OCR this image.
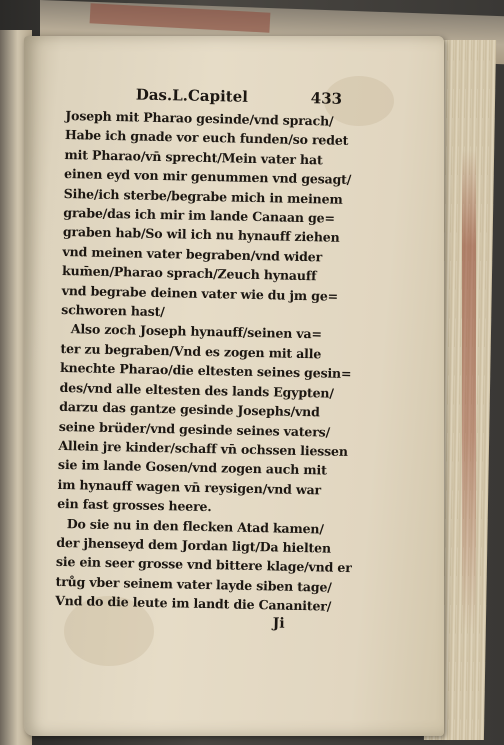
Das.L.Capitel	433
Joseph mit Pharao gesinde/vnd sprach/
Habe ich gnade vor euch funden/so redet
mit Pharao/vn̄ sprecht/Mein vater hat
einen eyd von mir genummen vnd gesagt/
Sihe/ich sterbe/begrabe mich in meinem
grabe/das ich mir im lande Canaan ge=
graben hab/So wil ich nu hynauff ziehen
vnd meinen vater begraben/vnd wider
kum̄en/Pharao sprach/Zeuch hynauff
vnd begrabe deinen vater wie du jm ge=
schworen hast/
Also zoch Joseph hynauff/seinen va=
ter zu begraben/Vnd es zogen mit alle
knechte Pharao/die eltesten seines gesin=
des/vnd alle eltesten des lands Egypten/
darzu das gantze gesinde Josephs/vnd
seine brüder/vnd gesinde seines vaters/
Allein jre kinder/schaff vn̄ ochssen liessen
sie im lande Gosen/vnd zogen auch mit
im hynauff wagen vn̄ reysigen/vnd war
ein fast grosses heere.
Do sie nu in den flecken Atad kamen/
der jhenseyd dem Jordan ligt/Da hielten
sie ein seer grosse vnd bittere klage/vnd er
trůg vber seinem vater layde siben tage/
Vnd do die leute im landt die Cananiter/
Ji
